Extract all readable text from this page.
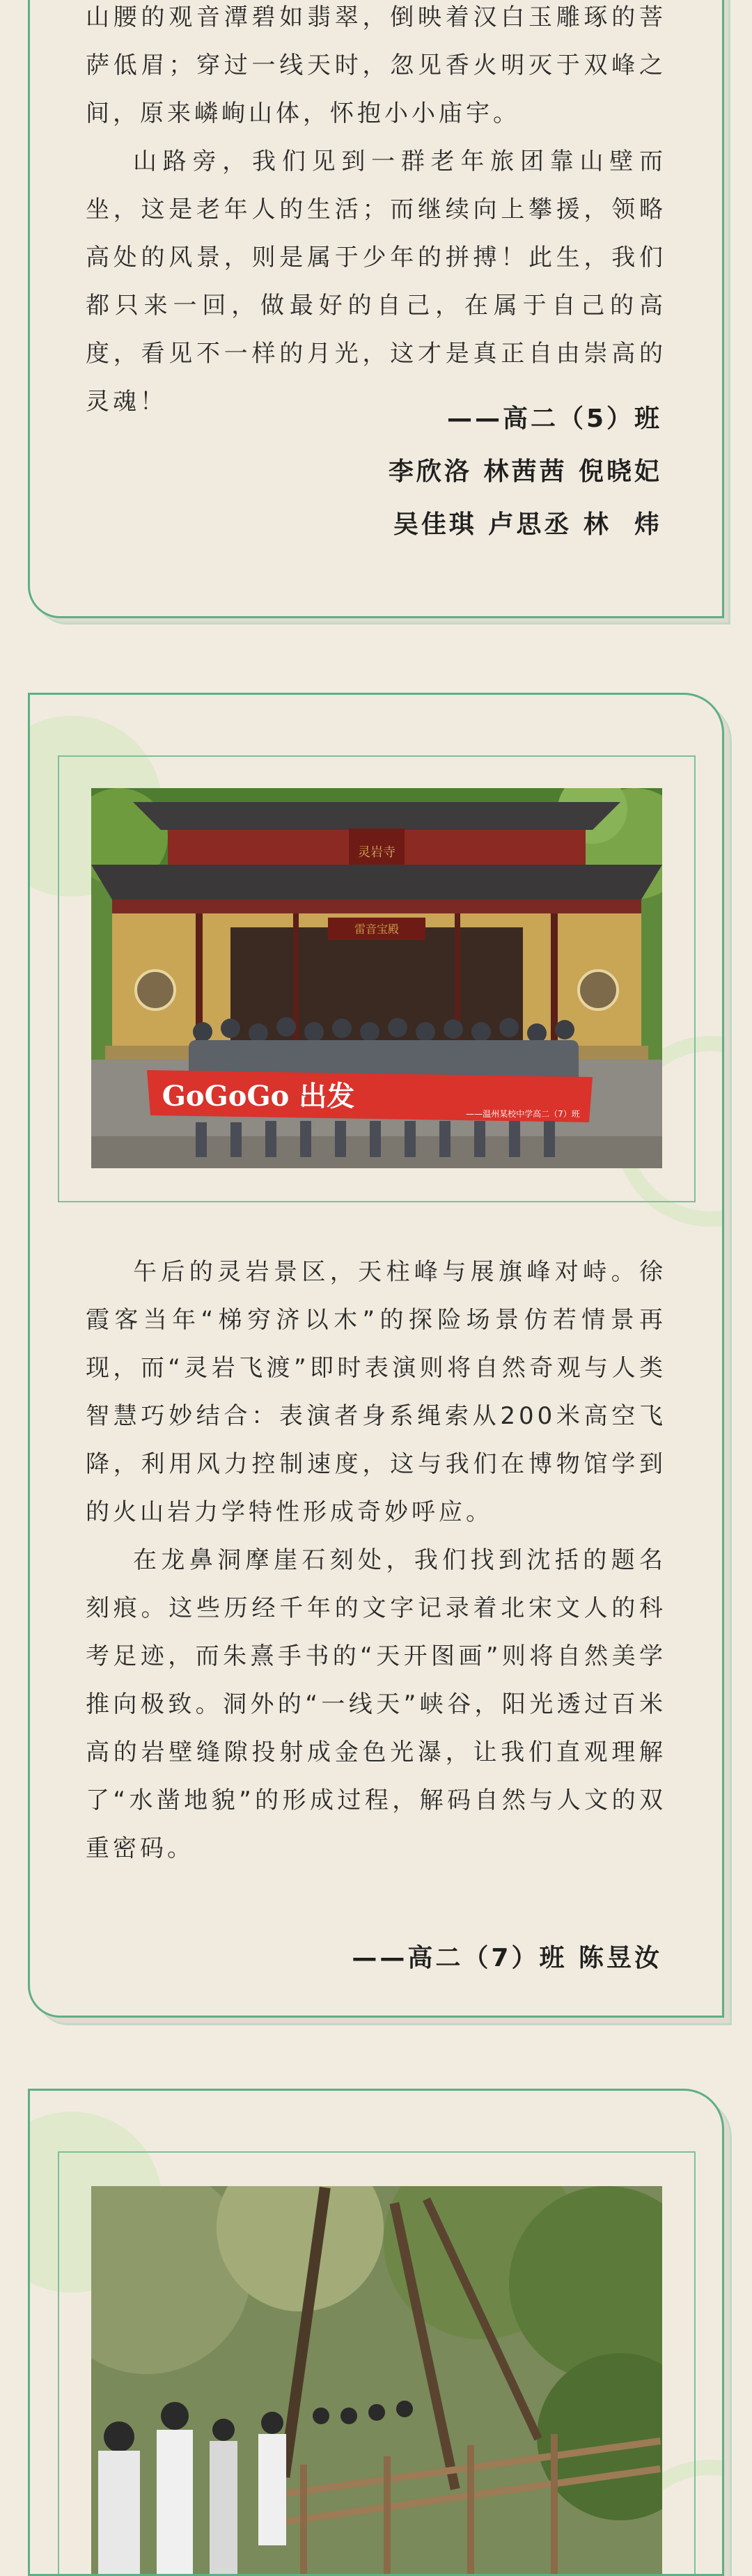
山腰的观音潭碧如翡翠，倒映着汉白玉雕琢的菩萨低眉；穿过一线天时，忽见香火明灭于双峰之间，原来嶙峋山体，怀抱小小庙宇。

山路旁，我们见到一群老年旅团靠山壁而坐，这是老年人的生活；而继续向上攀援，领略高处的风景，则是属于少年的拼搏！此生，我们都只来一回，做最好的自己，在属于自己的高度，看见不一样的月光，这才是真正自由崇高的灵魂！

——高二（5）班
李欣洛 林茜茜 倪晓妃
吴佳琪 卢思丞 林  炜
灵岩寺
雷音宝殿
GoGoGo 出发
——温州某校中学高二（7）班

午后的灵岩景区，天柱峰与展旗峰对峙。徐霞客当年“梯穷济以木”的探险场景仿若情景再现，而“灵岩飞渡”即时表演则将自然奇观与人类智慧巧妙结合：表演者身系绳索从200米高空飞降，利用风力控制速度，这与我们在博物馆学到的火山岩力学特性形成奇妙呼应。

在龙鼻洞摩崖石刻处，我们找到沈括的题名刻痕。这些历经千年的文字记录着北宋文人的科考足迹，而朱熹手书的“天开图画”则将自然美学推向极致。洞外的“一线天”峡谷，阳光透过百米高的岩壁缝隙投射成金色光瀑，让我们直观理解了“水凿地貌”的形成过程，解码自然与人文的双重密码。

——高二（7）班 陈昱汝
